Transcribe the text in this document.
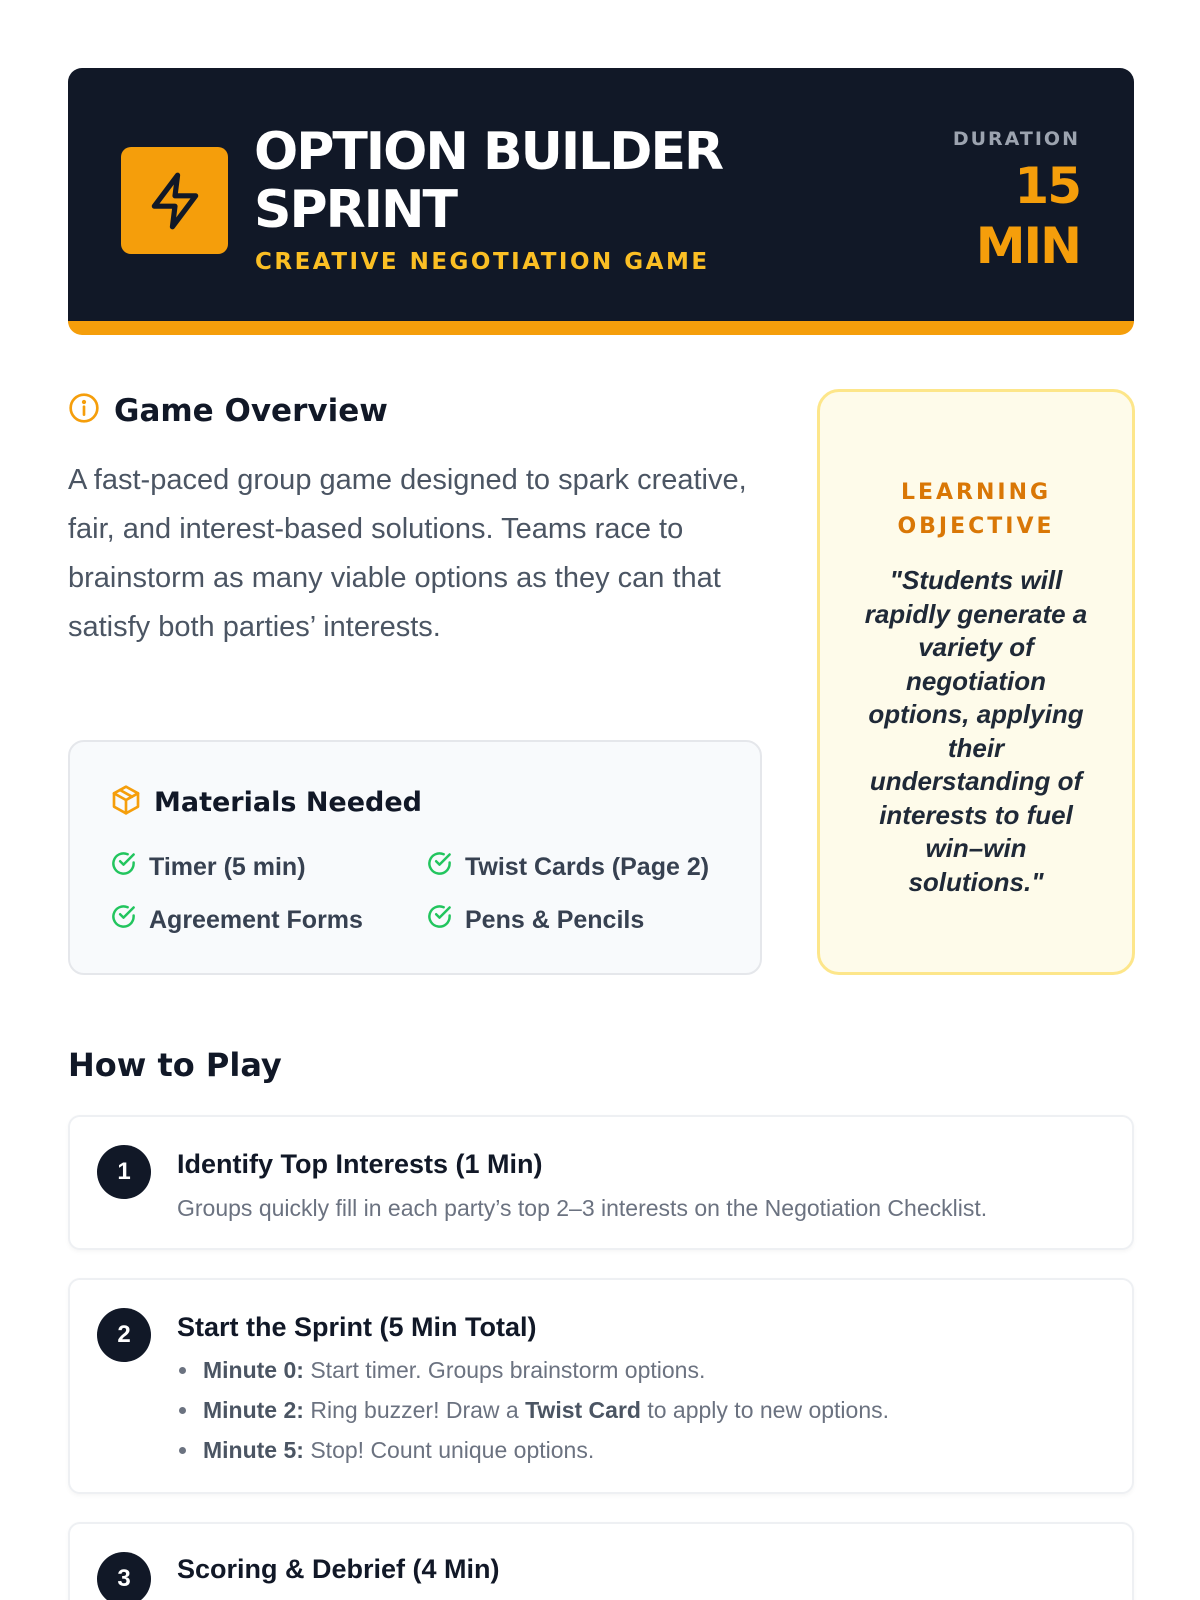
OPTION BUILDER SPRINT
CREATIVE NEGOTIATION GAME
DURATION
15 MIN
Game Overview
A fast-paced group game designed to spark creative, fair, and interest-based solutions. Teams race to brainstorm as many viable options as they can that satisfy both parties’ interests.
Materials Needed
Timer (5 min)	Twist Cards (Page 2)
Agreement Forms	Pens & Pencils
LEARNING OBJECTIVE
"Students will rapidly generate a variety of negotiation options, applying their understanding of interests to fuel win–win solutions."
How to Play
1	Identify Top Interests (1 Min)
Groups quickly fill in each party’s top 2–3 interests on the Negotiation Checklist.
2	Start the Sprint (5 Min Total)
Minute 0: Start timer. Groups brainstorm options.
Minute 2: Ring buzzer! Draw a Twist Card to apply to new options.
Minute 5: Stop! Count unique options.
3	Scoring & Debrief (4 Min)
